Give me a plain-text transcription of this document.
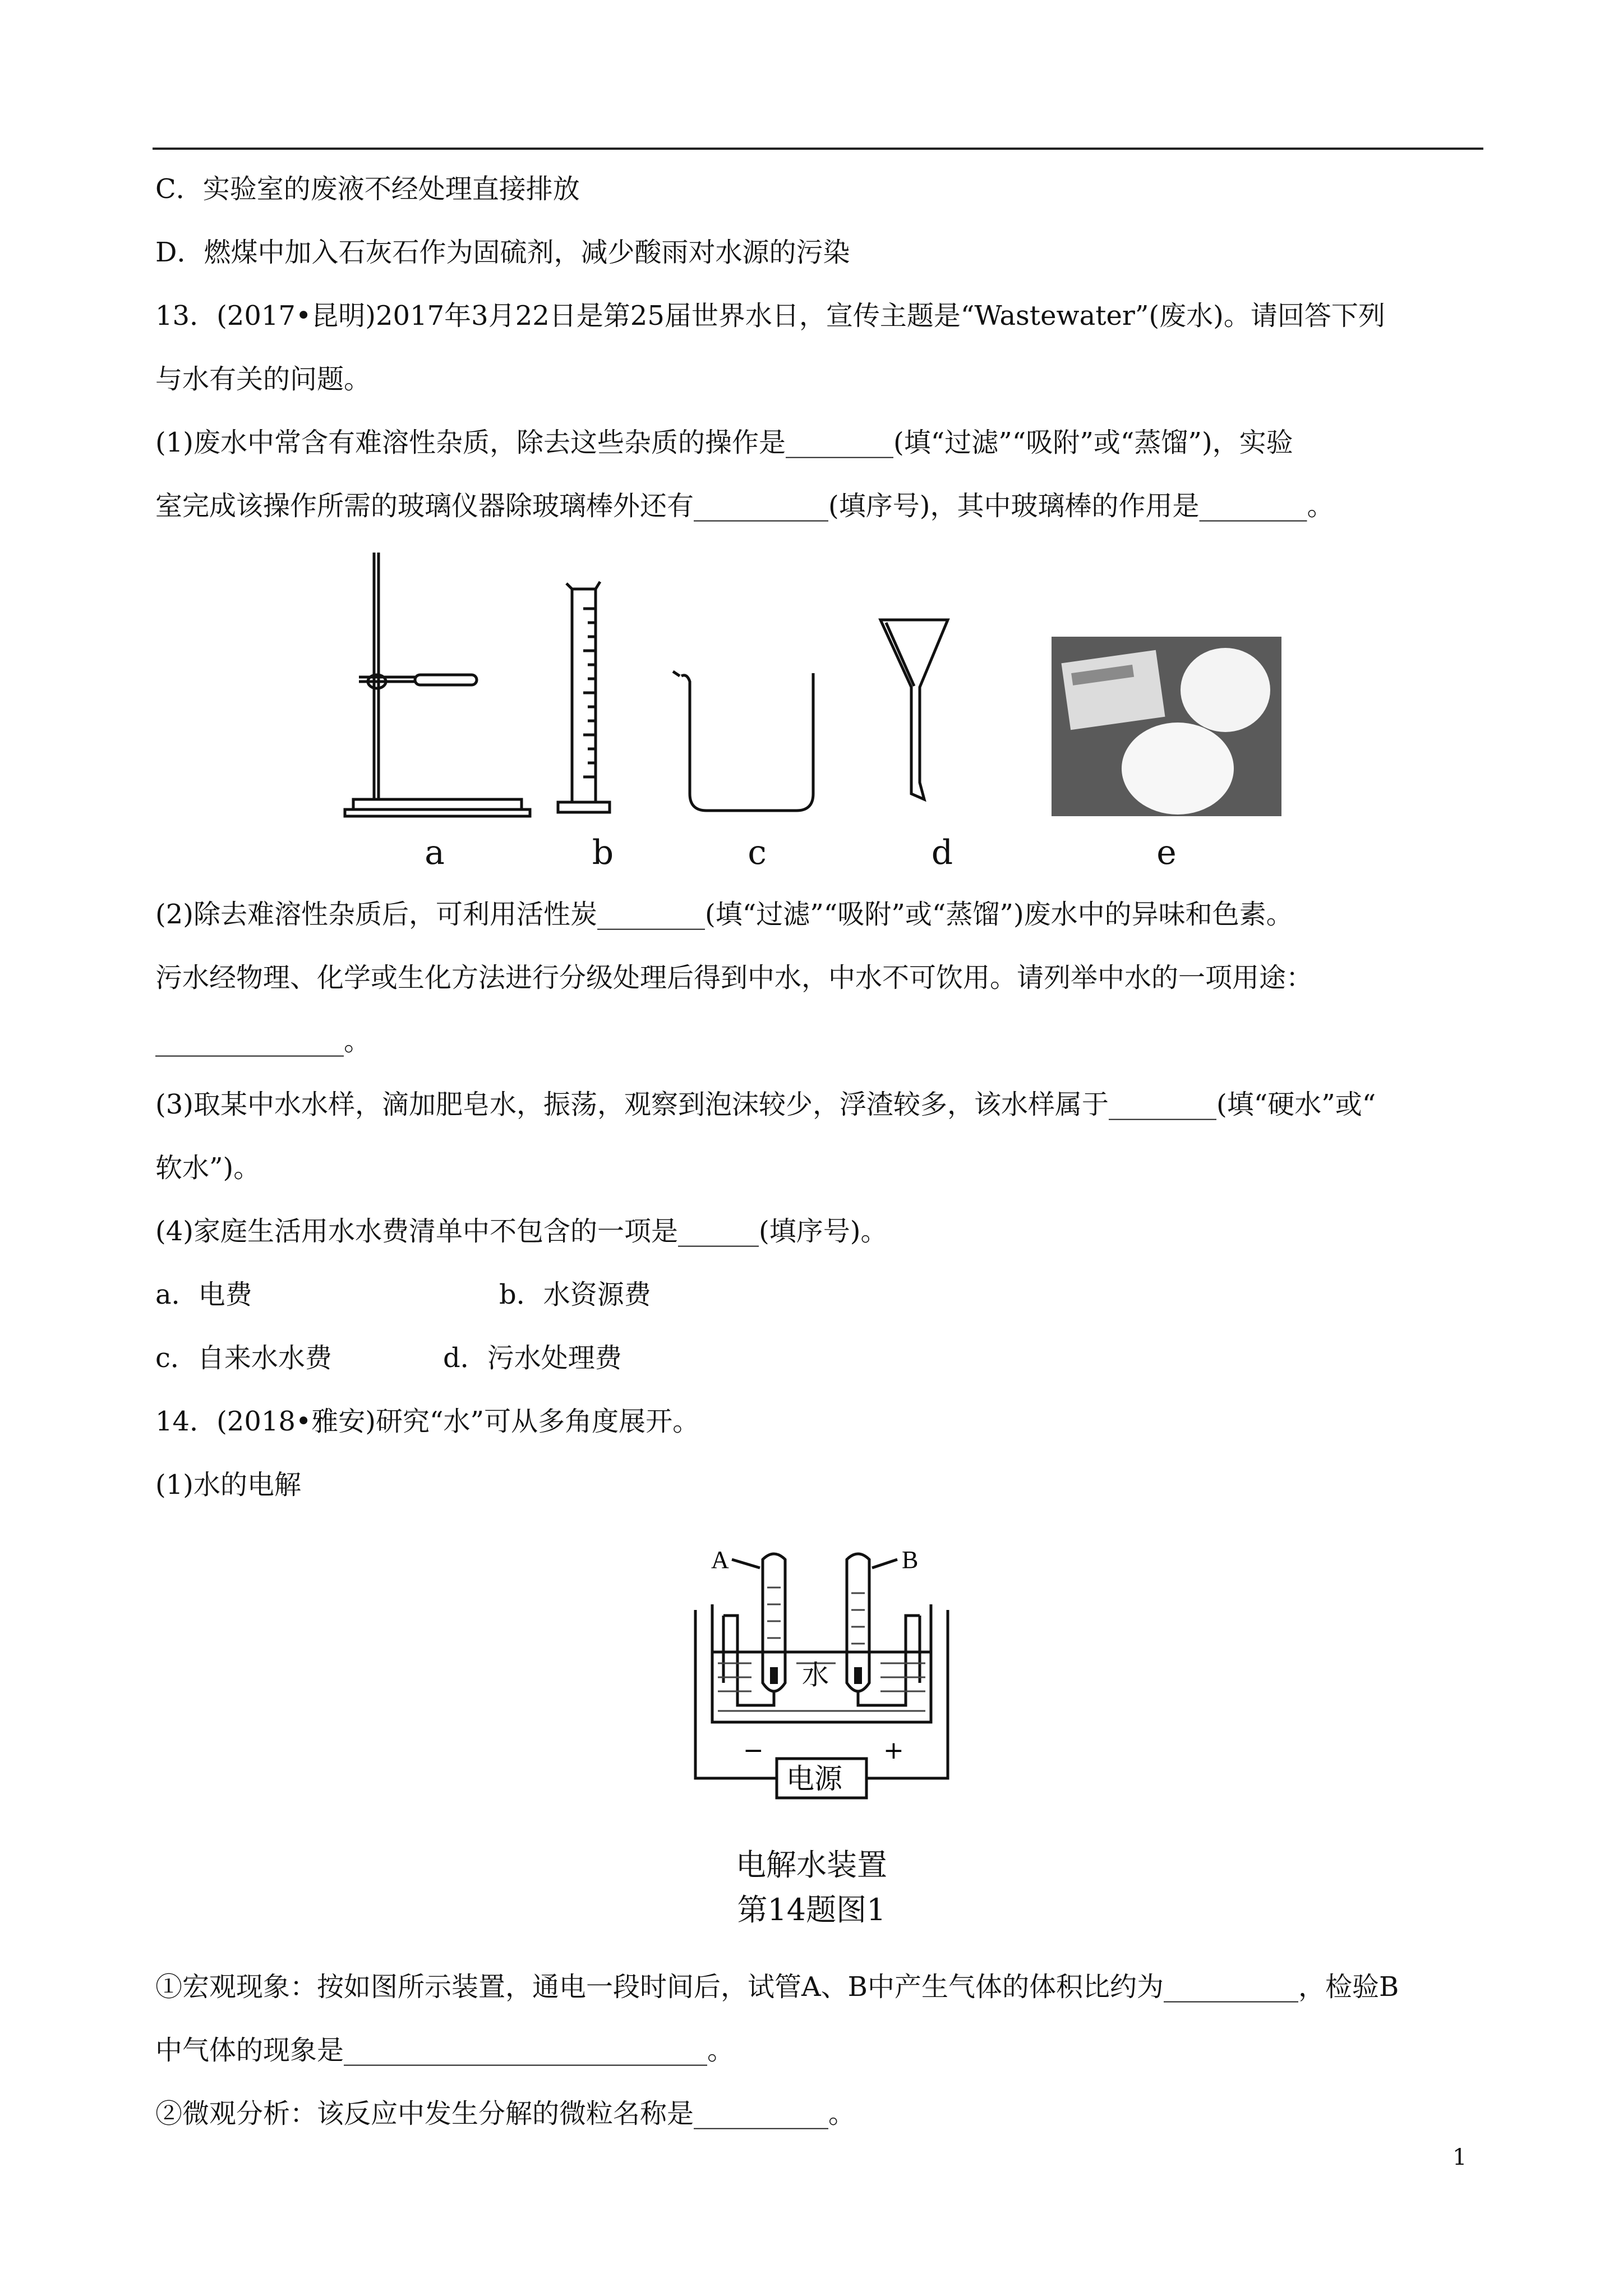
C．实验室的废液不经处理直接排放
D．燃煤中加入石灰石作为固硫剂，减少酸雨对水源的污染
13．(2017•昆明)2017年3月22日是第25届世界水日，宣传主题是“Wastewater”(废水)。请回答下列
与水有关的问题。
(1)废水中常含有难溶性杂质，除去这些杂质的操作是________(填“过滤”“吸附”或“蒸馏”)，实验
室完成该操作所需的玻璃仪器除玻璃棒外还有__________(填序号)，其中玻璃棒的作用是________。
a	b	c	d	e
(2)除去难溶性杂质后，可利用活性炭________(填“过滤”“吸附”或“蒸馏”)废水中的异味和色素。
污水经物理、化学或生化方法进行分级处理后得到中水，中水不可饮用。请列举中水的一项用途：
______________。
(3)取某中水水样，滴加肥皂水，振荡，观察到泡沫较少，浮渣较多，该水样属于________(填“硬水”或“
软水”)。
(4)家庭生活用水水费清单中不包含的一项是______(填序号)。
a．电费	b．水资源费
c．自来水水费	d．污水处理费
14．(2018•雅安)研究“水”可从多角度展开。
(1)水的电解
A	B
水
−	+
电源
电解水装置
第14题图1
①宏观现象：按如图所示装置，通电一段时间后，试管A、B中产生气体的体积比约为__________，检验B
中气体的现象是___________________________。
②微观分析：该反应中发生分解的微粒名称是__________。
1
